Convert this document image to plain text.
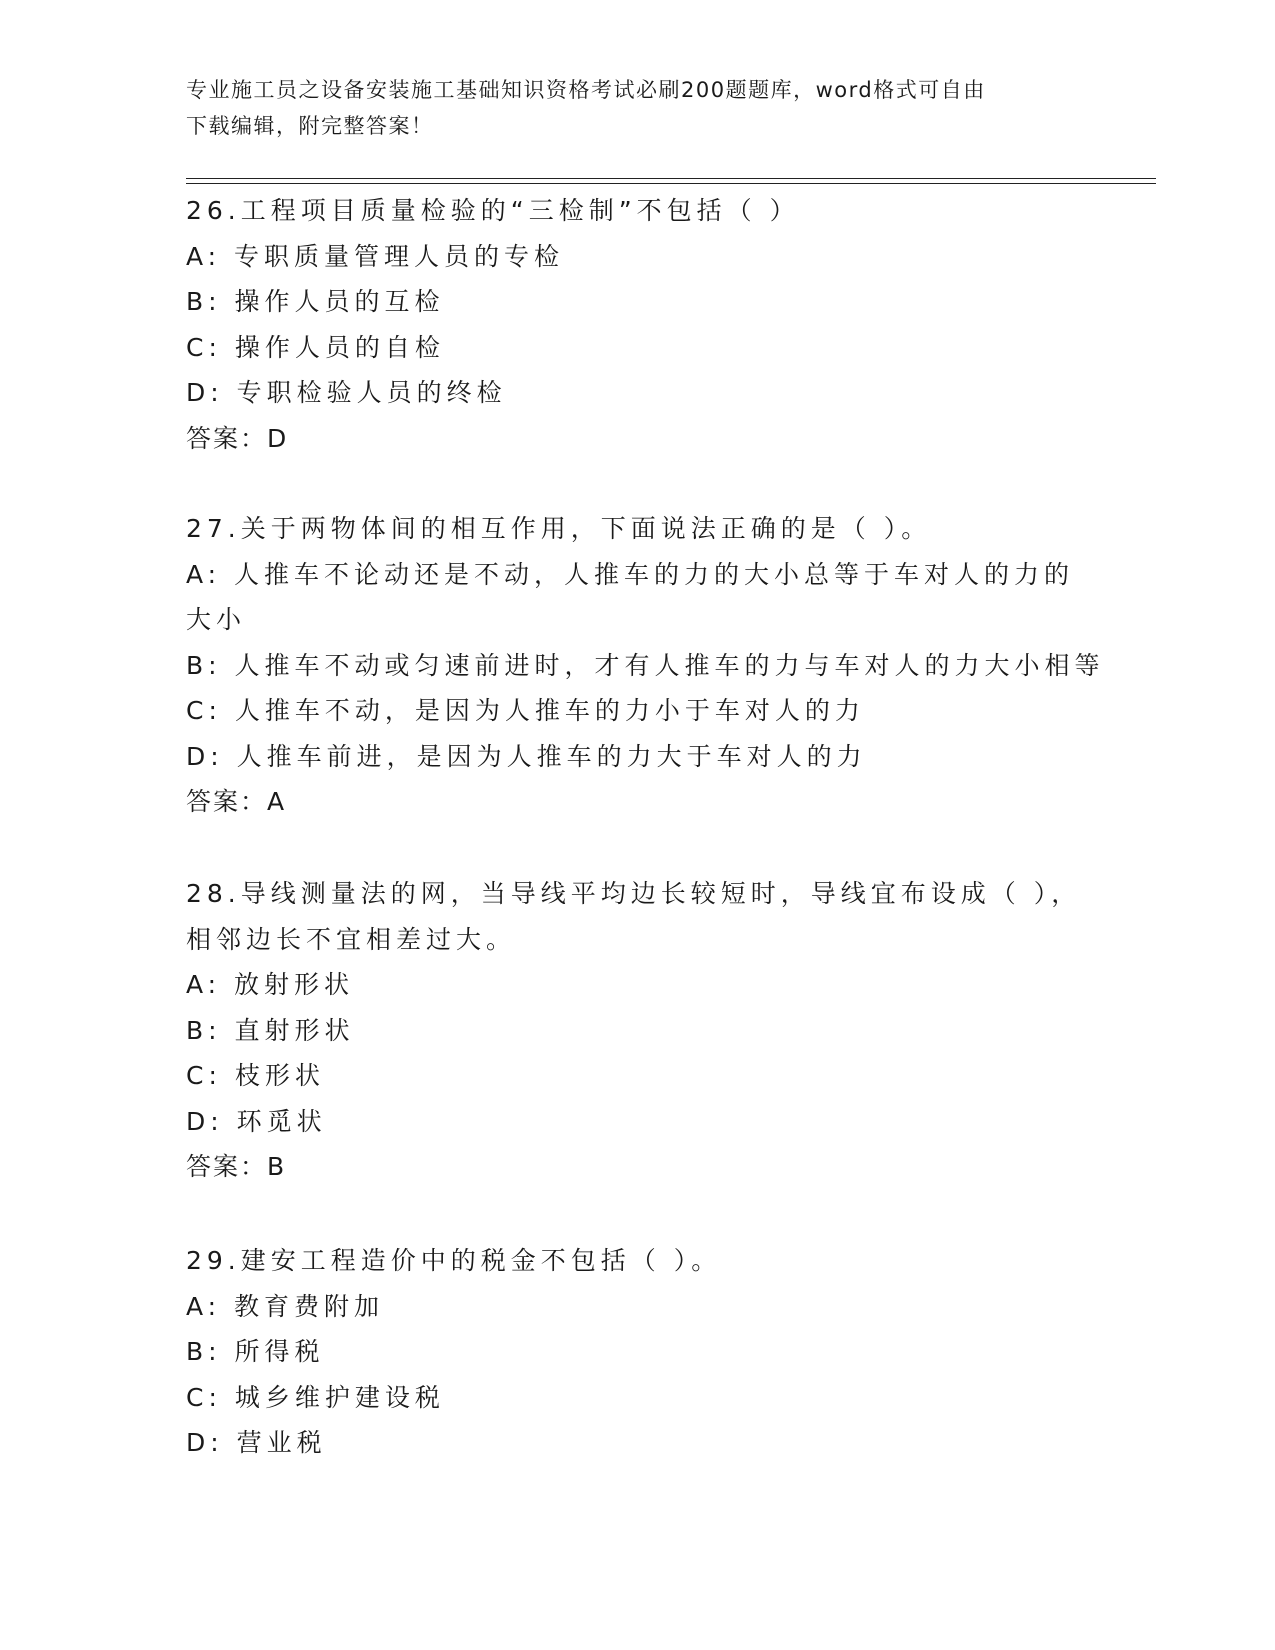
专业施工员之设备安装施工基础知识资格考试必刷200题题库，word格式可自由
下载编辑，附完整答案！
26.工程项目质量检验的“三检制”不包括（ ）
A: 专职质量管理人员的专检
B: 操作人员的互检
C: 操作人员的自检
D: 专职检验人员的终检
答案：D
27.关于两物体间的相互作用，下面说法正确的是（ ）。
A: 人推车不论动还是不动，人推车的力的大小总等于车对人的力的大小
B: 人推车不动或匀速前进时，才有人推车的力与车对人的力大小相等
C: 人推车不动，是因为人推车的力小于车对人的力
D: 人推车前进，是因为人推车的力大于车对人的力
答案：A
28.导线测量法的网，当导线平均边长较短时，导线宜布设成（ ），相邻边长不宜相差过大。
A: 放射形状
B: 直射形状
C: 枝形状
D: 环觅状
答案：B
29.建安工程造价中的税金不包括（ ）。
A: 教育费附加
B: 所得税
C: 城乡维护建设税
D: 营业税
